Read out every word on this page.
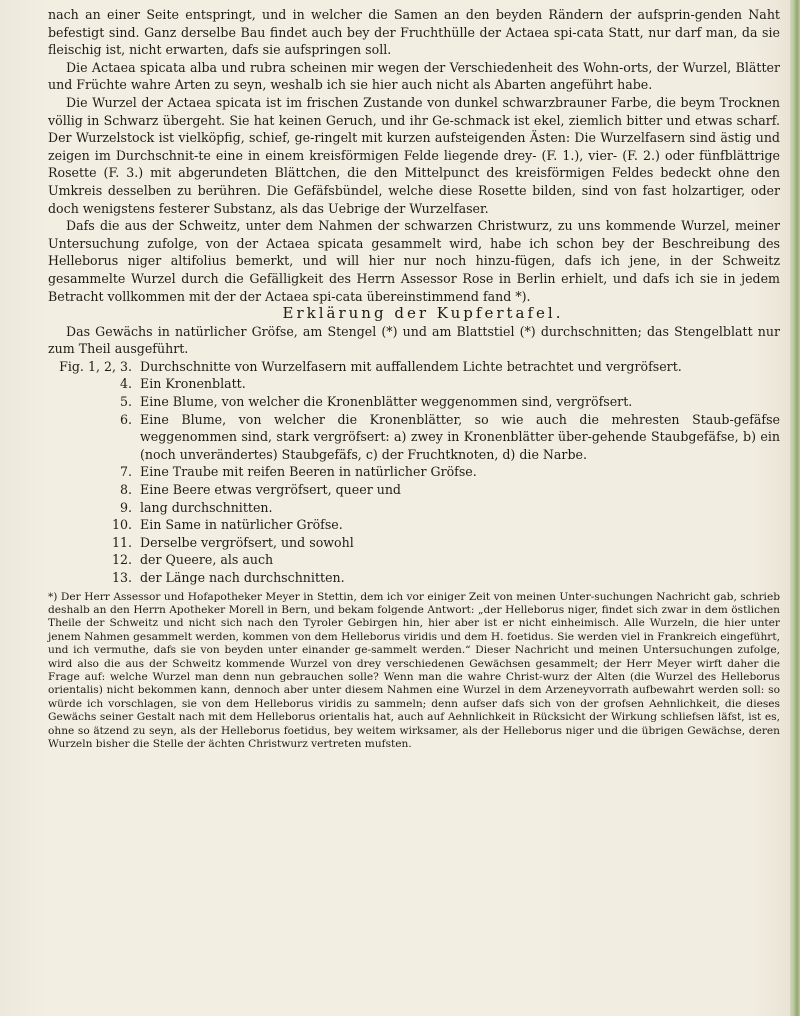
nach an einer Seite entspringt, und in welcher die Samen an den beyden Rändern der aufsprin-genden Naht befestigt sind. Ganz derselbe Bau findet auch bey der Fruchthülle der Actaea spi-cata Statt, nur darf man, da sie fleischig ist, nicht erwarten, dafs sie aufspringen soll.

Die Actaea spicata alba und rubra scheinen mir wegen der Verschiedenheit des Wohn-orts, der Wurzel, Blätter und Früchte wahre Arten zu seyn, weshalb ich sie hier auch nicht als Abarten angeführt habe.

Die Wurzel der Actaea spicata ist im frischen Zustande von dunkel schwarzbrauner Farbe, die beym Trocknen völlig in Schwarz übergeht. Sie hat keinen Geruch, und ihr Ge-schmack ist ekel, ziemlich bitter und etwas scharf. Der Wurzelstock ist vielköpfig, schief, ge-ringelt mit kurzen aufsteigenden Ästen: Die Wurzelfasern sind ästig und zeigen im Durchschnit-te eine in einem kreisförmigen Felde liegende drey- (F. 1.), vier- (F. 2.) oder fünfblättrige Rosette (F. 3.) mit abgerundeten Blättchen, die den Mittelpunct des kreisförmigen Feldes bedeckt ohne den Umkreis desselben zu berühren. Die Gefäfsbündel, welche diese Rosette bilden, sind von fast holzartiger, oder doch wenigstens festerer Substanz, als das Uebrige der Wurzelfaser.

Dafs die aus der Schweitz, unter dem Nahmen der schwarzen Christwurz, zu uns kommende Wurzel, meiner Untersuchung zufolge, von der Actaea spicata gesammelt wird, habe ich schon bey der Beschreibung des Helleborus niger altifolius bemerkt, und will hier nur noch hinzu-fügen, dafs ich jene, in der Schweitz gesammelte Wurzel durch die Gefälligkeit des Herrn Assessor Rose in Berlin erhielt, und dafs ich sie in jedem Betracht vollkommen mit der der Actaea spi-cata übereinstimmend fand *).

Erklärung der Kupfertafel.

Das Gewächs in natürlicher Gröfse, am Stengel (*) und am Blattstiel (*) durchschnitten; das Stengelblatt nur zum Theil ausgeführt.

Fig. 1, 2, 3. Durchschnitte von Wurzelfasern mit auffallendem Lichte betrachtet und vergröfsert.
4. Ein Kronenblatt.
5. Eine Blume, von welcher die Kronenblätter weggenommen sind, vergröfsert.
6. Eine Blume, von welcher die Kronenblätter, so wie auch die mehresten Staub-gefäfse weggenommen sind, stark vergröfsert: a) zwey in Kronenblätter über-gehende Staubgefäfse, b) ein (noch unverändertes) Staubgefäfs, c) der Fruchtknoten, d) die Narbe.
7. Eine Traube mit reifen Beeren in natürlicher Gröfse.
8. Eine Beere etwas vergröfsert, queer und
9. lang durchschnitten.
10. Ein Same in natürlicher Gröfse.
11. Derselbe vergröfsert, und sowohl
12. der Queere, als auch
13. der Länge nach durchschnitten.

*) Der Herr Assessor und Hofapotheker Meyer in Stettin, dem ich vor einiger Zeit von meinen Unter-suchungen Nachricht gab, schrieb deshalb an den Herrn Apotheker Morell in Bern, und bekam folgende Antwort: „der Helleborus niger, findet sich zwar in dem östlichen Theile der Schweitz und nicht sich nach den Tyroler Gebirgen hin, hier aber ist er nicht einheimisch. Alle Wurzeln, die hier unter jenem Nahmen gesammelt werden, kommen von dem Helleborus viridis und dem H. foetidus. Sie werden viel in Frankreich eingeführt, und ich vermuthe, dafs sie von beyden unter einander ge-sammelt werden.“ Dieser Nachricht und meinen Untersuchungen zufolge, wird also die aus der Schweitz kommende Wurzel von drey verschiedenen Gewächsen gesammelt; der Herr Meyer wirft daher die Frage auf: welche Wurzel man denn nun gebrauchen solle? Wenn man die wahre Christ-wurz der Alten (die Wurzel des Helleborus orientalis) nicht bekommen kann, dennoch aber unter diesem Nahmen eine Wurzel in dem Arzeneyvorrath aufbewahrt werden soll: so würde ich vorschlagen, sie von dem Helleborus viridis zu sammeln; denn aufser dafs sich von der grofsen Aehnlichkeit, die dieses Gewächs seiner Gestalt nach mit dem Helleborus orientalis hat, auch auf Aehnlichkeit in Rücksicht der Wirkung schliefsen läfst, ist es, ohne so ätzend zu seyn, als der Helleborus foetidus, bey weitem wirksamer, als der Helleborus niger und die übrigen Gewächse, deren Wurzeln bisher die Stelle der ächten Christwurz vertreten mufsten.
